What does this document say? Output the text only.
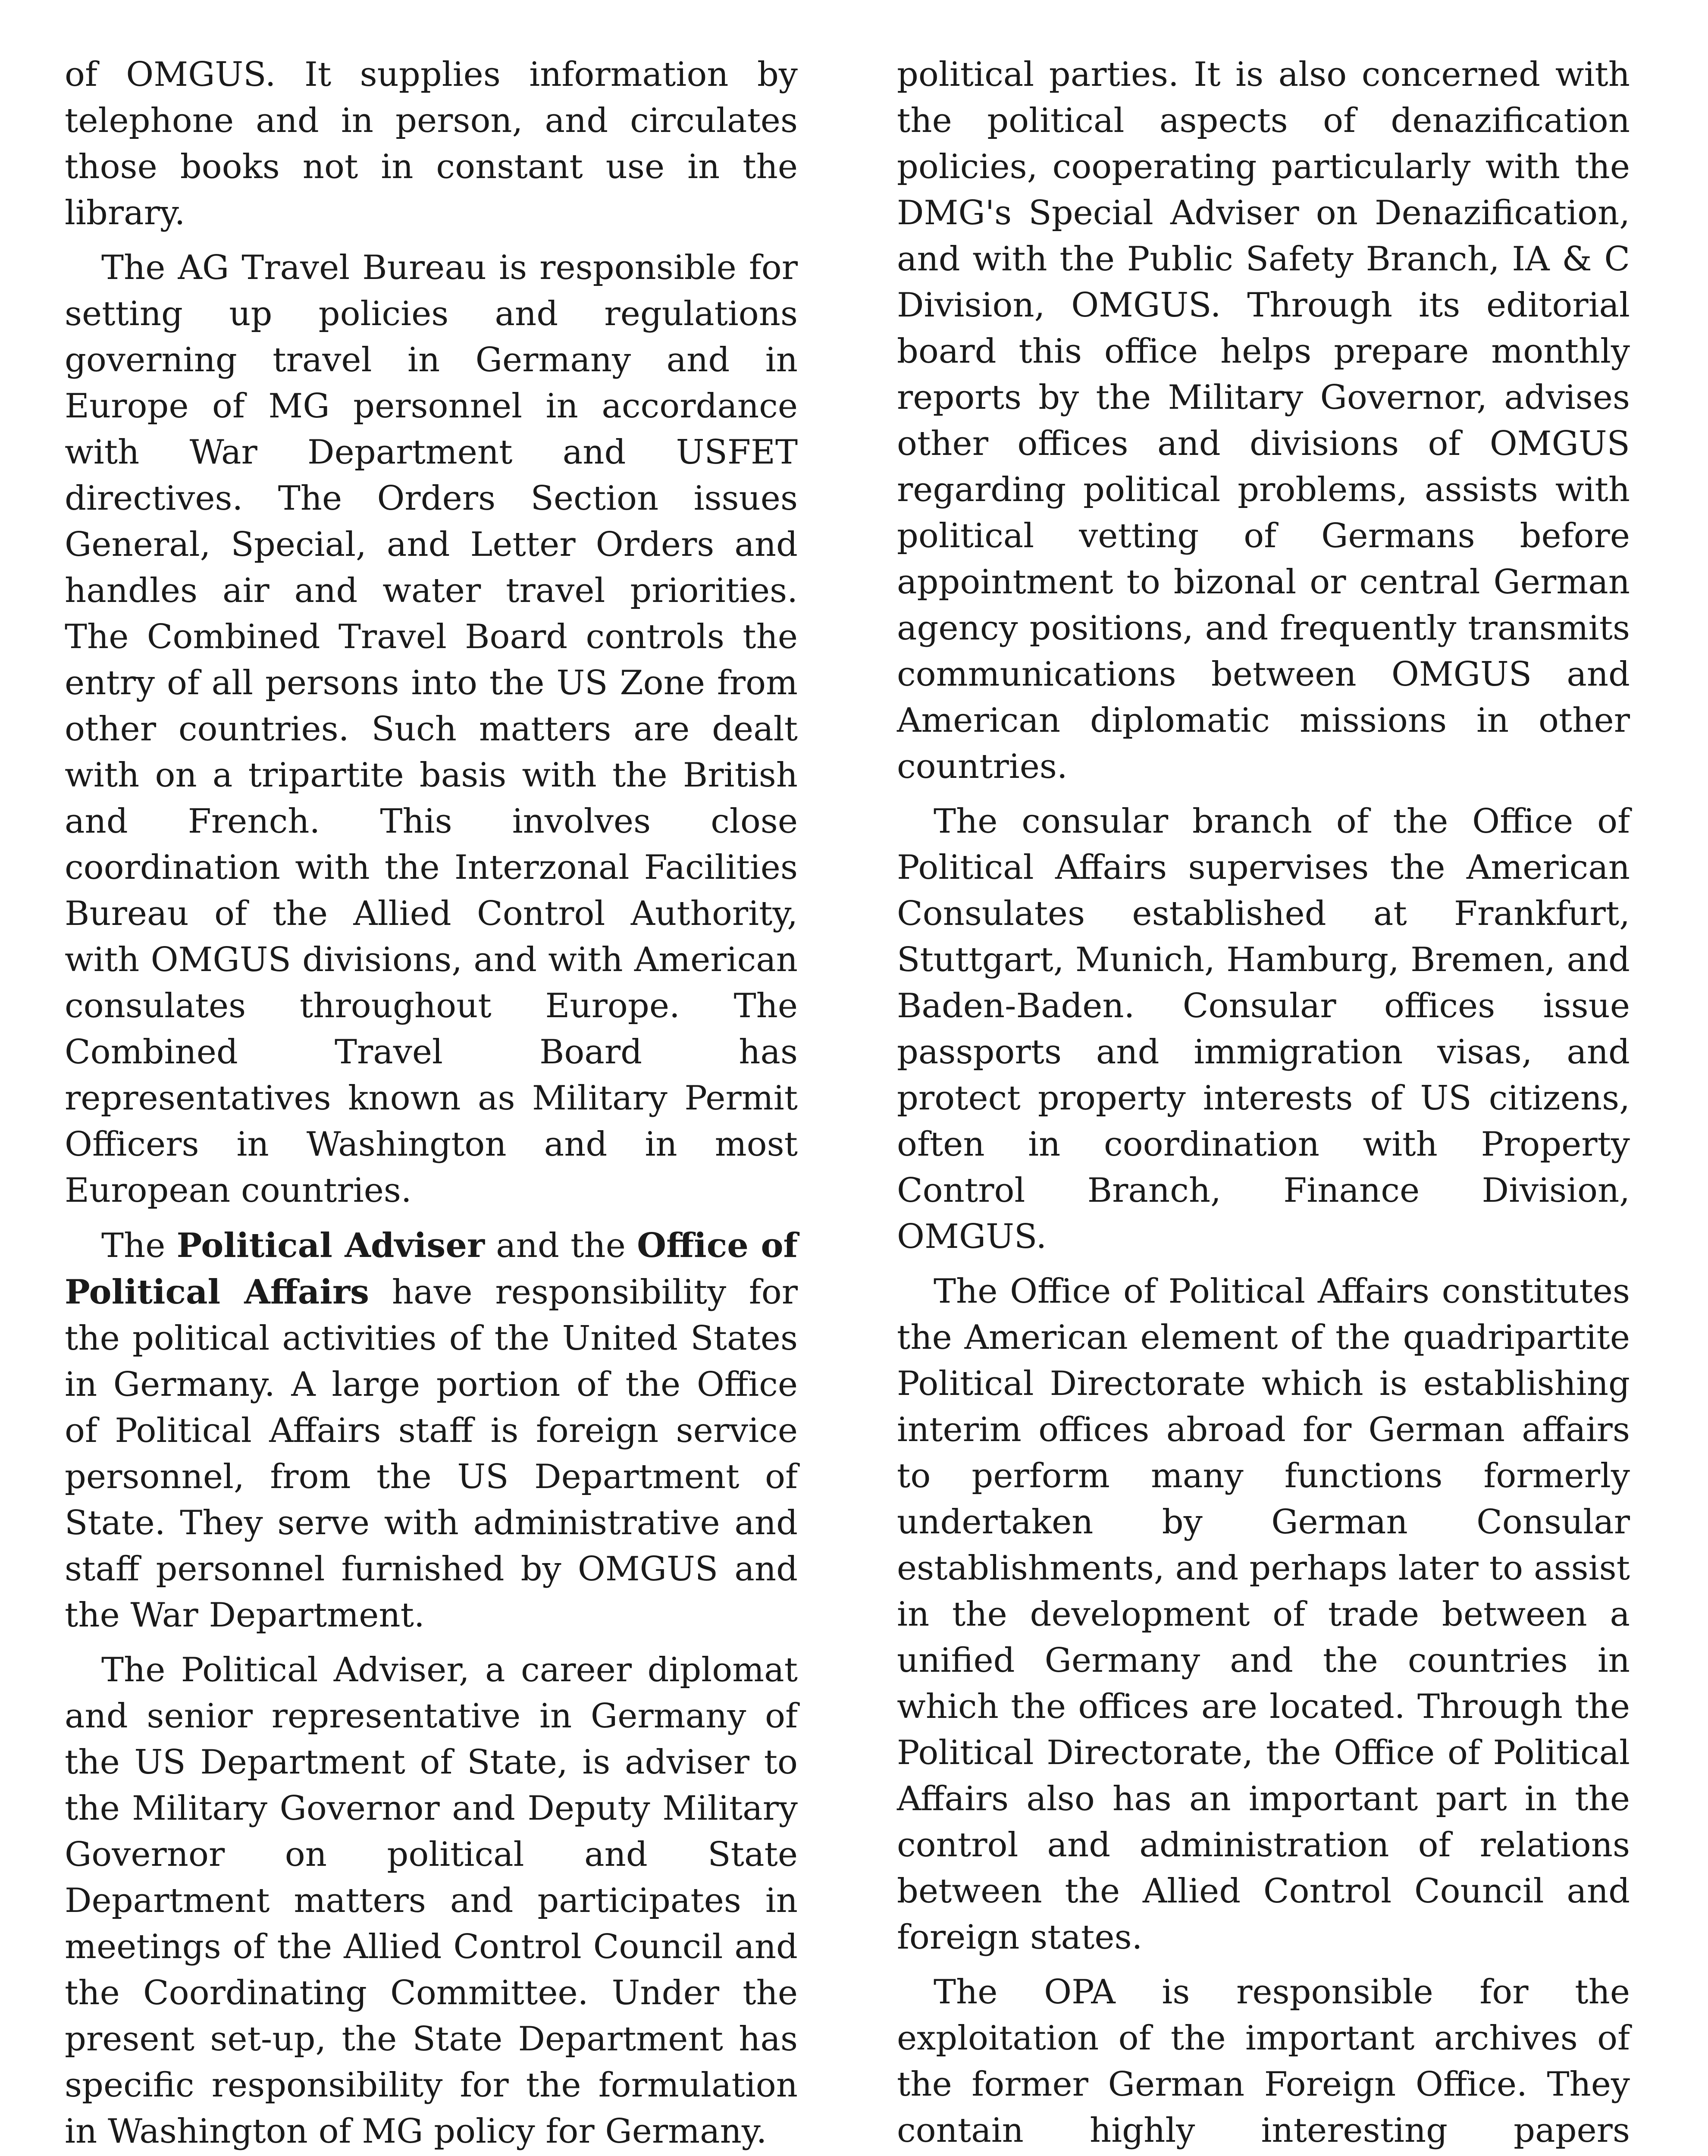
of OMGUS. It supplies information by telephone and in person, and circulates those books not in constant use in the library.

The AG Travel Bureau is responsible for setting up policies and regulations governing travel in Germany and in Europe of MG personnel in accordance with War Department and USFET directives. The Orders Section issues General, Special, and Letter Orders and handles air and water travel priorities. The Combined Travel Board controls the entry of all persons into the US Zone from other countries. Such matters are dealt with on a tripartite basis with the British and French. This involves close coordination with the Interzonal Facilities Bureau of the Allied Control Authority, with OMGUS divisions, and with American consulates throughout Europe. The Combined Travel Board has representatives known as Military Permit Officers in Washington and in most European countries.

The Political Adviser and the Office of Political Affairs have responsibility for the political activities of the United States in Germany. A large portion of the Office of Political Affairs staff is foreign service personnel, from the US Department of State. They serve with administrative and staff personnel furnished by OMGUS and the War Department.

The Political Adviser, a career diplomat and senior representative in Germany of the US Department of State, is adviser to the Military Governor and Deputy Military Governor on political and State Department matters and participates in meetings of the Allied Control Council and the Coordinating Committee. Under the present set-up, the State Department has specific responsibility for the formulation in Washington of MG policy for Germany.

political parties. It is also concerned with the political aspects of denazification policies, cooperating particularly with the DMG's Special Adviser on Denazification, and with the Public Safety Branch, IA & C Division, OMGUS. Through its editorial board this office helps prepare monthly reports by the Military Governor, advises other offices and divisions of OMGUS regarding political problems, assists with political vetting of Germans before appointment to bizonal or central German agency positions, and frequently transmits communications between OMGUS and American diplomatic missions in other countries.

The consular branch of the Office of Political Affairs supervises the American Consulates established at Frankfurt, Stuttgart, Munich, Hamburg, Bremen, and Baden-Baden. Consular offices issue passports and immigration visas, and protect property interests of US citizens, often in coordination with Property Control Branch, Finance Division, OMGUS.

The Office of Political Affairs constitutes the American element of the quadripartite Political Directorate which is establishing interim offices abroad for German affairs to perform many functions formerly undertaken by German Consular establishments, and perhaps later to assist in the development of trade between a unified Germany and the countries in which the offices are located. Through the Political Directorate, the Office of Political Affairs also has an important part in the control and administration of relations between the Allied Control Council and foreign states.

The OPA is responsible for the exploitation of the important archives of the former German Foreign Office. They contain highly interesting papers
